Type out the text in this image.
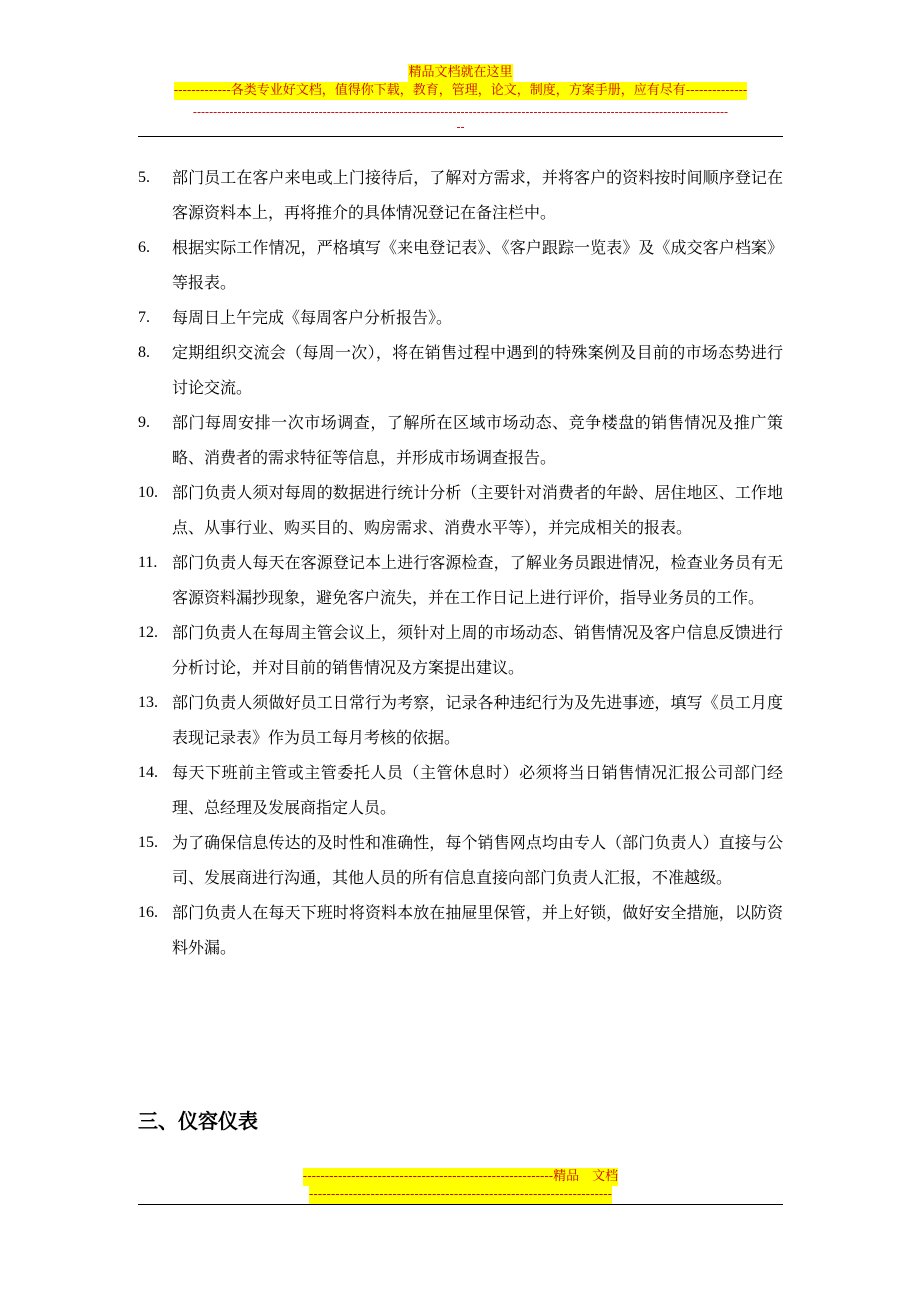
精品文档就在这里
-------------各类专业好文档，值得你下载，教育，管理，论文，制度，方案手册，应有尽有--------------
------------------------------------------------------------------------------------------------------------------------------------
--
5. 部门员工在客户来电或上门接待后，了解对方需求，并将客户的资料按时间顺序登记在客源资料本上，再将推介的具体情况登记在备注栏中。
6. 根据实际工作情况，严格填写《来电登记表》、《客户跟踪一览表》及《成交客户档案》等报表。
7. 每周日上午完成《每周客户分析报告》。
8. 定期组织交流会（每周一次），将在销售过程中遇到的特殊案例及目前的市场态势进行讨论交流。
9. 部门每周安排一次市场调查，了解所在区域市场动态、竞争楼盘的销售情况及推广策略、消费者的需求特征等信息，并形成市场调查报告。
10. 部门负责人须对每周的数据进行统计分析（主要针对消费者的年龄、居住地区、工作地点、从事行业、购买目的、购房需求、消费水平等），并完成相关的报表。
11. 部门负责人每天在客源登记本上进行客源检查，了解业务员跟进情况，检查业务员有无客源资料漏抄现象，避免客户流失，并在工作日记上进行评价，指导业务员的工作。
12. 部门负责人在每周主管会议上，须针对上周的市场动态、销售情况及客户信息反馈进行分析讨论，并对目前的销售情况及方案提出建议。
13. 部门负责人须做好员工日常行为考察，记录各种违纪行为及先进事迹，填写《员工月度表现记录表》作为员工每月考核的依据。
14. 每天下班前主管或主管委托人员（主管休息时）必须将当日销售情况汇报公司部门经理、总经理及发展商指定人员。
15. 为了确保信息传达的及时性和准确性，每个销售网点均由专人（部门负责人）直接与公司、发展商进行沟通，其他人员的所有信息直接向部门负责人汇报，不准越级。
16. 部门负责人在每天下班时将资料本放在抽屉里保管，并上好锁，做好安全措施，以防资料外漏。
三、仪容仪表
---------------------------------------------------------精品　文档
---------------------------------------------------------------------
